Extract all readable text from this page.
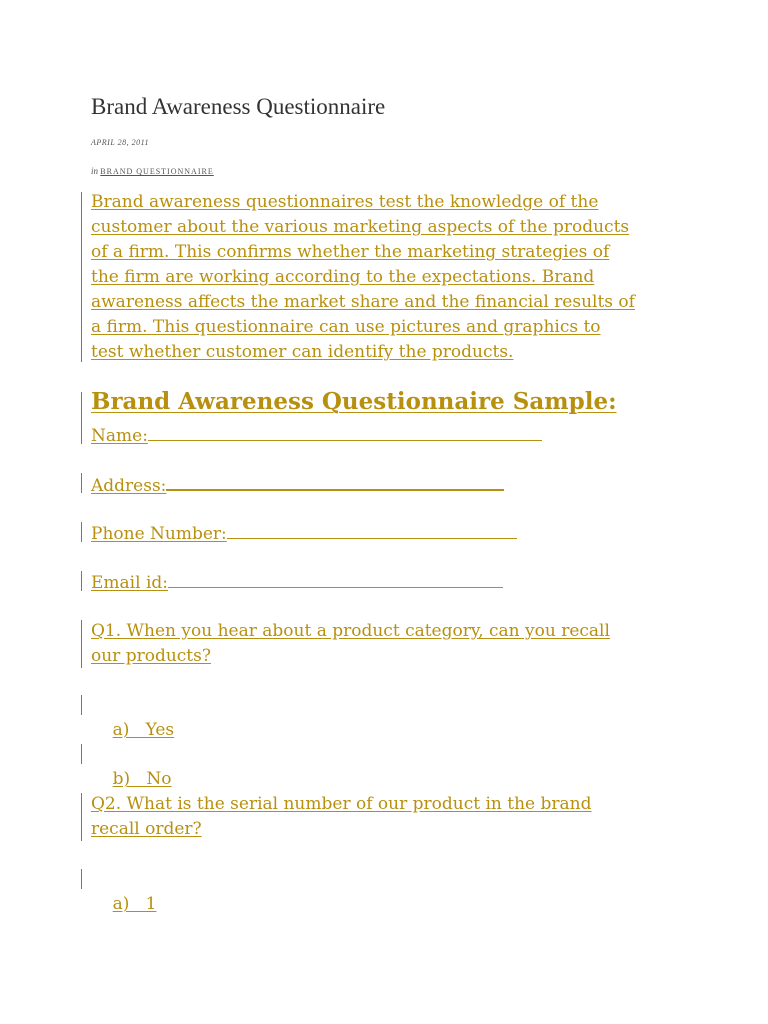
Brand Awareness Questionnaire
APRIL 28, 2011
in BRAND QUESTIONNAIRE
Brand awareness questionnaires test the knowledge of the
customer about the various marketing aspects of the products
of a firm. This confirms whether the marketing strategies of
the firm are working according to the expectations. Brand
awareness affects the market share and the financial results of
a firm. This questionnaire can use pictures and graphics to
test whether customer can identify the products.
Brand Awareness Questionnaire Sample:
Name:
Address:
Phone Number:
Email id:
Q1. When you hear about a product category, can you recall
our products?

a)   Yes

b)   No

Q2. What is the serial number of our product in the brand
recall order?

a)   1
